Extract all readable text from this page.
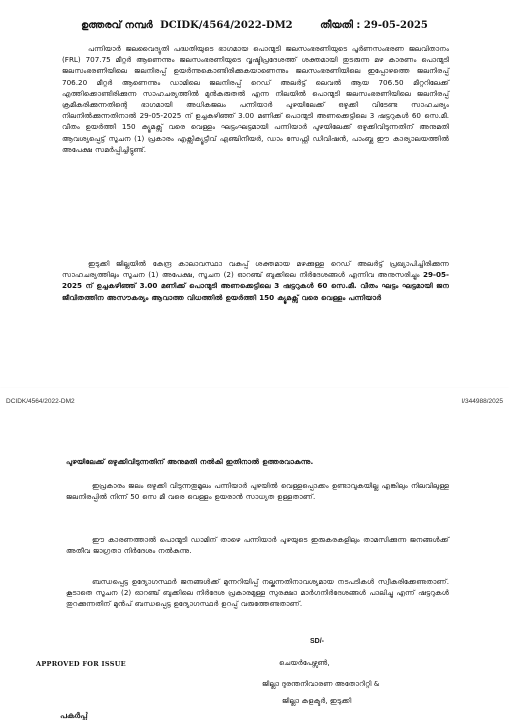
ഉത്തരവ് നമ്പർ DCIDK/4564/2022-DM2	തീയതി : 29-05-2025

പന്നിയാർ ജലവൈദ്യുതി പദ്ധതിയുടെ ഭാഗമായ പൊന്മുടി ജലസംഭരണിയുടെ പൂർണസംഭരണ ജലവിതാനം (FRL) 707.75 മീറ്റർ ആണെന്നും ജലസംഭരണിയുടെ വൃഷ്ടിപ്രദേശത്ത് ശക്തമായി തുടരുന്ന മഴ കാരണം പൊന്മുടി ജലസംഭരണിയിലെ ജലനിരപ്പ് ഉയർന്നുകൊണ്ടിരിക്കുകയാണെന്നും ജലസംഭരണിയിലെ ഇപ്പോഴത്തെ ജലനിരപ്പ് 706.20 മീറ്റർ ആണെന്നും ഡാമിലെ ജലനിരപ്പ് റെഡ് അലർട്ട് ലെവൽ ആയ 706.50 മീറ്ററിലേക്ക് എത്തിക്കൊണ്ടിരിക്കുന്ന സാഹചര്യത്തിൽ മുൻകരുതൽ എന്ന നിലയിൽ പൊന്മുടി ജലസംഭരണിയിലെ ജലനിരപ്പ് ക്രമീകരിക്കുന്നതിന്റെ ഭാഗമായി അധികജലം പന്നിയാർ പുഴയിലേക്ക് ഒഴുക്കി വിടേണ്ട സാഹചര്യം നിലനിൽക്കുന്നതിനാൽ 29-05-2025 ന് ഉച്ചകഴിഞ്ഞ് 3.00 മണിക്ക് പൊന്മുടി അണക്കെട്ടിലെ 3 ഷട്ടറുകൾ 60 സെ.മീ. വീതം ഉയർത്തി 150 ക്യൂമക്സ് വരെ വെള്ളം ഘട്ടംഘട്ടമായി പന്നിയാർ പുഴയിലേക്ക് ഒഴുക്കിവിടുന്നതിന് അനുമതി ആവശ്യപ്പെട്ട് സൂചന (1) പ്രകാരം എക്സിക്യൂട്ടീവ് എഞ്ചിനീയർ, ഡാം സേഫ്റ്റി ഡിവിഷൻ, പാംബ്ല ഈ കാര്യാലയത്തിൽ അപേക്ഷ സമർപ്പിച്ചിട്ടുണ്ട്.

ഇടുക്കി ജില്ലയിൽ കേന്ദ്ര കാലാവസ്ഥാ വകുപ്പ് ശക്തമായ മഴക്കുള്ള റെഡ് അലർട്ട് പ്രഖ്യാപിച്ചിരിക്കുന്ന സാഹചര്യത്തിലും സൂചന (1) അപേക്ഷ, സൂചന (2) ഓറഞ്ച് ബുക്കിലെ നിർദേശങ്ങൾ എന്നിവ അനുസരിച്ചും 29-05-2025 ന് ഉച്ചകഴിഞ്ഞ് 3.00 മണിക്ക് പൊന്മുടി അണക്കെട്ടിലെ 3 ഷട്ടറുകൾ 60 സെ.മീ. വീതം ഘട്ടം ഘട്ടമായി ജന ജീവിതത്തിന അസൗകര്യം ആവാത്ത വിധത്തിൽ ഉയർത്തി 150 ക്യൂമക്സ് വരെ വെള്ളം പന്നിയാർ

DCIDK/4564/2022-DM2	I/344988/2025

പുഴയിലേക്ക് ഒഴുക്കിവിടുന്നതിന് അനുമതി നൽകി ഇതിനാൽ ഉത്തരവാകുന്നു.

ഇപ്രകാരം ജലം ഒഴുക്കി വിടുന്നതുമൂലം പന്നിയാർ പുഴയിൽ വെള്ളപ്പൊക്കം ഉണ്ടാവുകയില്ല എങ്കിലും നിലവിലുള്ള ജലനിരപ്പിൽ നിന്ന് 50 സെ മീ വരെ വെള്ളം ഉയരാൻ സാധ്യത ഉള്ളതാണ്.

ഈ കാരണത്താൽ പൊന്മുടി ഡാമിന് താഴെ പന്നിയാർ പുഴയുടെ ഇരുകരകളിലും താമസിക്കുന്ന ജനങ്ങൾക്ക് അതീവ ജാഗ്രതാ നിർദേശം നൽകുന്നു.

ബന്ധപ്പെട്ട ഉദ്യോഗസ്ഥർ ജനങ്ങൾക്ക് മുന്നറിയിപ്പ് നല്കുന്നതിനാവശ്യമായ നടപടികൾ സ്വീകരിക്കേണ്ടതാണ്. കൂടാതെ സൂചന (2) ഓറഞ്ച് ബുക്കിലെ നിർദേശ പ്രകാരമുള്ള സുരക്ഷാ മാർഗനിർദേശങ്ങൾ പാലിച്ചു എന്ന് ഷട്ടറുകൾ തുറക്കുന്നതിന് മുൻപ് ബന്ധപ്പെട്ട ഉദ്യോഗസ്ഥർ ഉറപ്പ് വരുത്തേണ്ടതാണ്.

SD/-
APPROVED FOR ISSUE	ചെയർപേഴ്സൺ,
ജില്ലാ ദുരന്തനിവാരണ അതോറിറ്റി &
ജില്ലാ കളക്ടർ, ഇടുക്കി
പകർപ്പ്
